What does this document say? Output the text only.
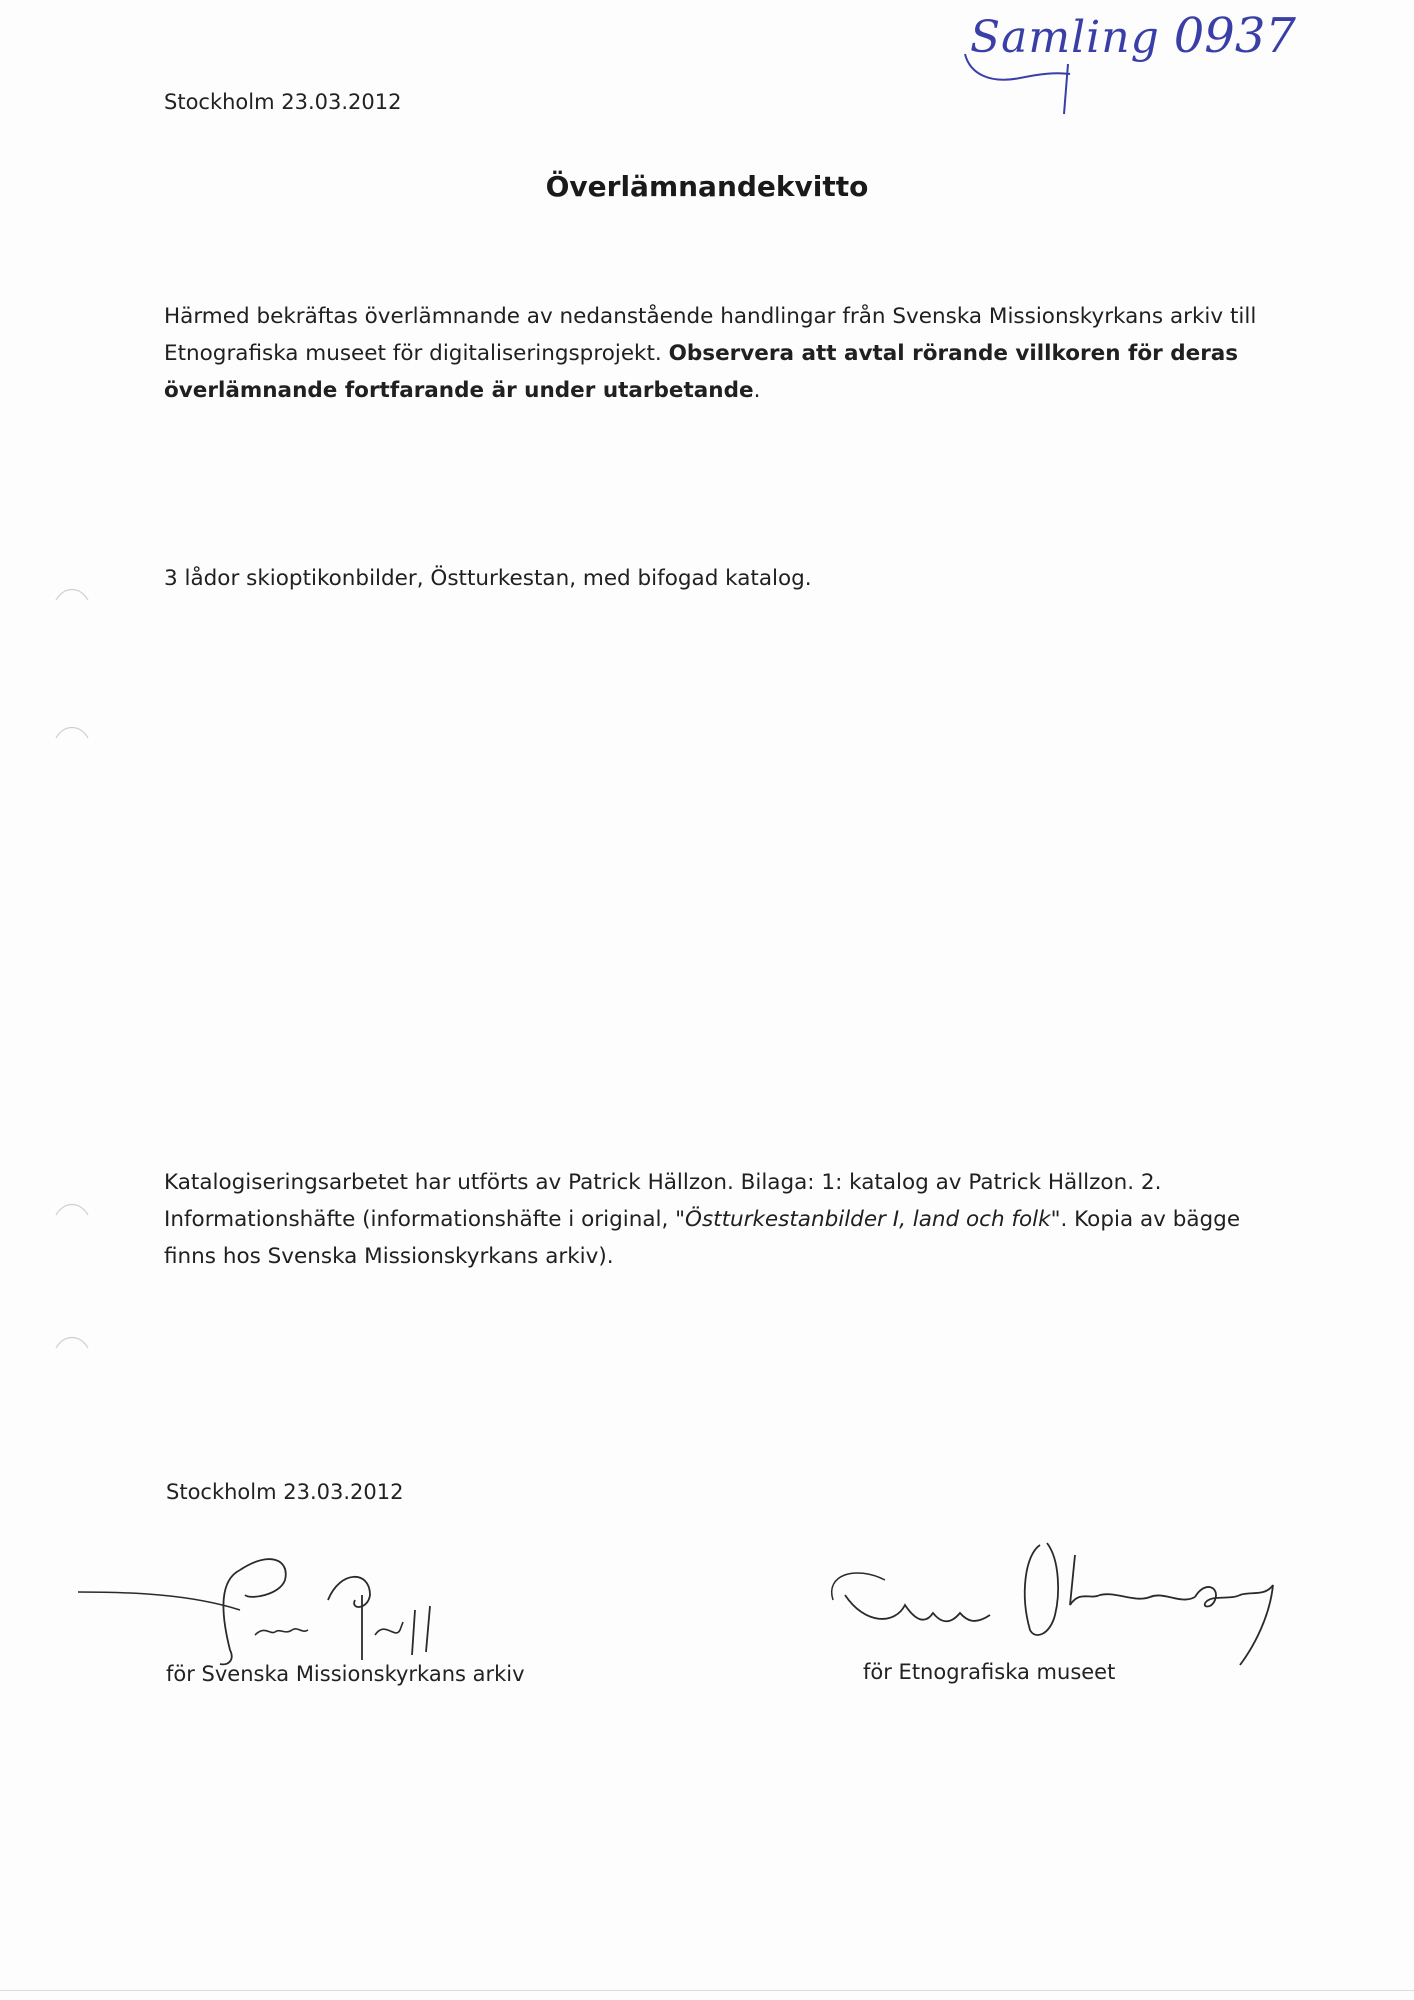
Samling 0937
Stockholm 23.03.2012
Överlämnandekvitto
Härmed bekräftas överlämnande av nedanstående handlingar från Svenska Missionskyrkans arkiv till Etnografiska museet för digitaliseringsprojekt. Observera att avtal rörande villkoren för deras överlämnande fortfarande är under utarbetande.
3 lådor skioptikonbilder, Östturkestan, med bifogad katalog.
Katalogiseringsarbetet har utförts av Patrick Hällzon. Bilaga: 1: katalog av Patrick Hällzon. 2. Informationshäfte (informationshäfte i original, "Östturkestanbilder I, land och folk". Kopia av bägge finns hos Svenska Missionskyrkans arkiv).
Stockholm 23.03.2012
för Svenska Missionskyrkans arkiv	för Etnografiska museet
